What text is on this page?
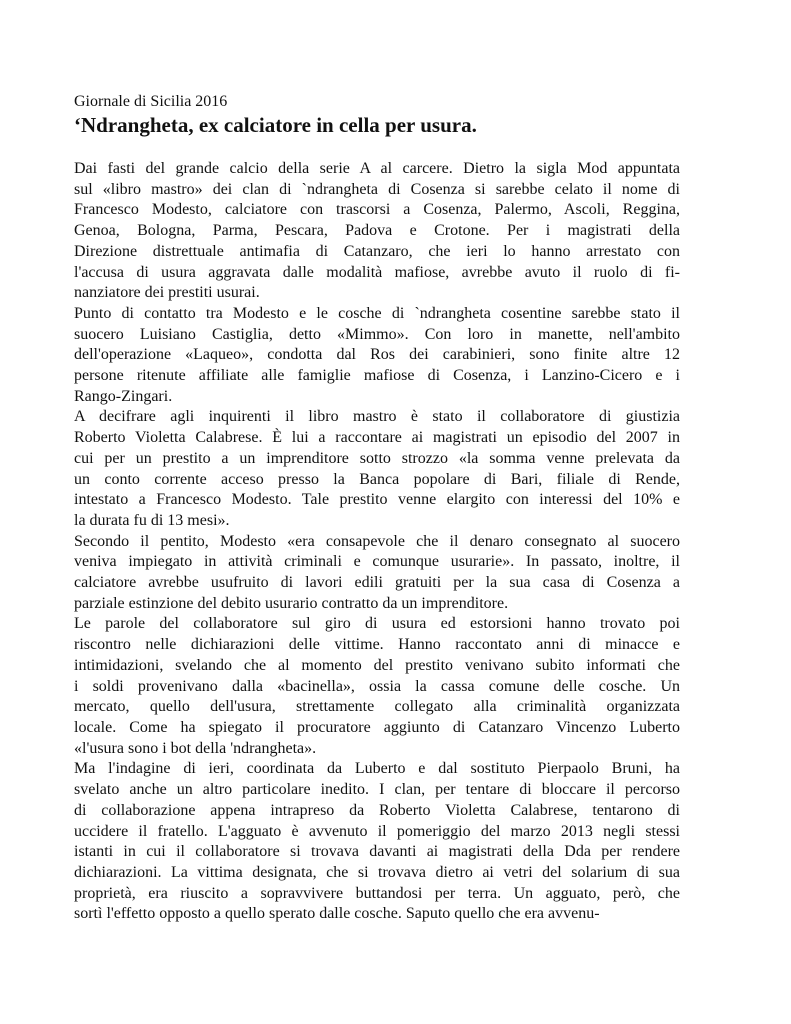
Giornale di Sicilia 2016

‘Ndrangheta, ex calciatore in cella per usura.

Dai fasti del grande calcio della serie A al carcere. Dietro la sigla Mod appuntata
sul «libro mastro» dei clan di `ndrangheta di Cosenza si sarebbe celato il nome di
Francesco Modesto, calciatore con trascorsi a Cosenza, Palermo, Ascoli, Reggina,
Genoa, Bologna, Parma, Pescara, Padova e Crotone. Per i magistrati della
Direzione distrettuale antimafia di Catanzaro, che ieri lo hanno arrestato con
l'accusa di usura aggravata dalle modalità mafiose, avrebbe avuto il ruolo di fi-
nanziatore dei prestiti usurai.

Punto di contatto tra Modesto e le cosche di `ndrangheta cosentine sarebbe stato il
suocero Luisiano Castiglia, detto «Mimmo». Con loro in manette, nell'ambito
dell'operazione «Laqueo», condotta dal Ros dei carabinieri, sono finite altre 12
persone ritenute affiliate alle famiglie mafiose di Cosenza, i Lanzino-Cicero e i
Rango-Zingari.

A decifrare agli inquirenti il libro mastro è stato il collaboratore di giustizia
Roberto Violetta Calabrese. È lui a raccontare ai magistrati un episodio del 2007 in
cui per un prestito a un imprenditore sotto strozzo «la somma venne prelevata da
un conto corrente acceso presso la Banca popolare di Bari, filiale di Rende,
intestato a Francesco Modesto. Tale prestito venne elargito con interessi del 10% e
la durata fu di 13 mesi».

Secondo il pentito, Modesto «era consapevole che il denaro consegnato al suocero
veniva impiegato in attività criminali e comunque usurarie». In passato, inoltre, il
calciatore avrebbe usufruito di lavori edili gratuiti per la sua casa di Cosenza a
parziale estinzione del debito usurario contratto da un imprenditore.

Le parole del collaboratore sul giro di usura ed estorsioni hanno trovato poi
riscontro nelle dichiarazioni delle vittime. Hanno raccontato anni di minacce e
intimidazioni, svelando che al momento del prestito venivano subito informati che
i soldi provenivano dalla «bacinella», ossia la cassa comune delle cosche. Un
mercato, quello dell'usura, strettamente collegato alla criminalità organizzata
locale. Come ha spiegato il procuratore aggiunto di Catanzaro Vincenzo Luberto
«l'usura sono i bot della 'ndrangheta».

Ma l'indagine di ieri, coordinata da Luberto e dal sostituto Pierpaolo Bruni, ha
svelato anche un altro particolare inedito. I clan, per tentare di bloccare il percorso
di collaborazione appena intrapreso da Roberto Violetta Calabrese, tentarono di
uccidere il fratello. L'agguato è avvenuto il pomeriggio del marzo 2013 negli stessi
istanti in cui il collaboratore si trovava davanti ai magistrati della Dda per rendere
dichiarazioni. La vittima designata, che si trovava dietro ai vetri del solarium di sua
proprietà, era riuscito a sopravvivere buttandosi per terra. Un agguato, però, che
sortì l'effetto opposto a quello sperato dalle cosche. Saputo quello che era avvenu-
